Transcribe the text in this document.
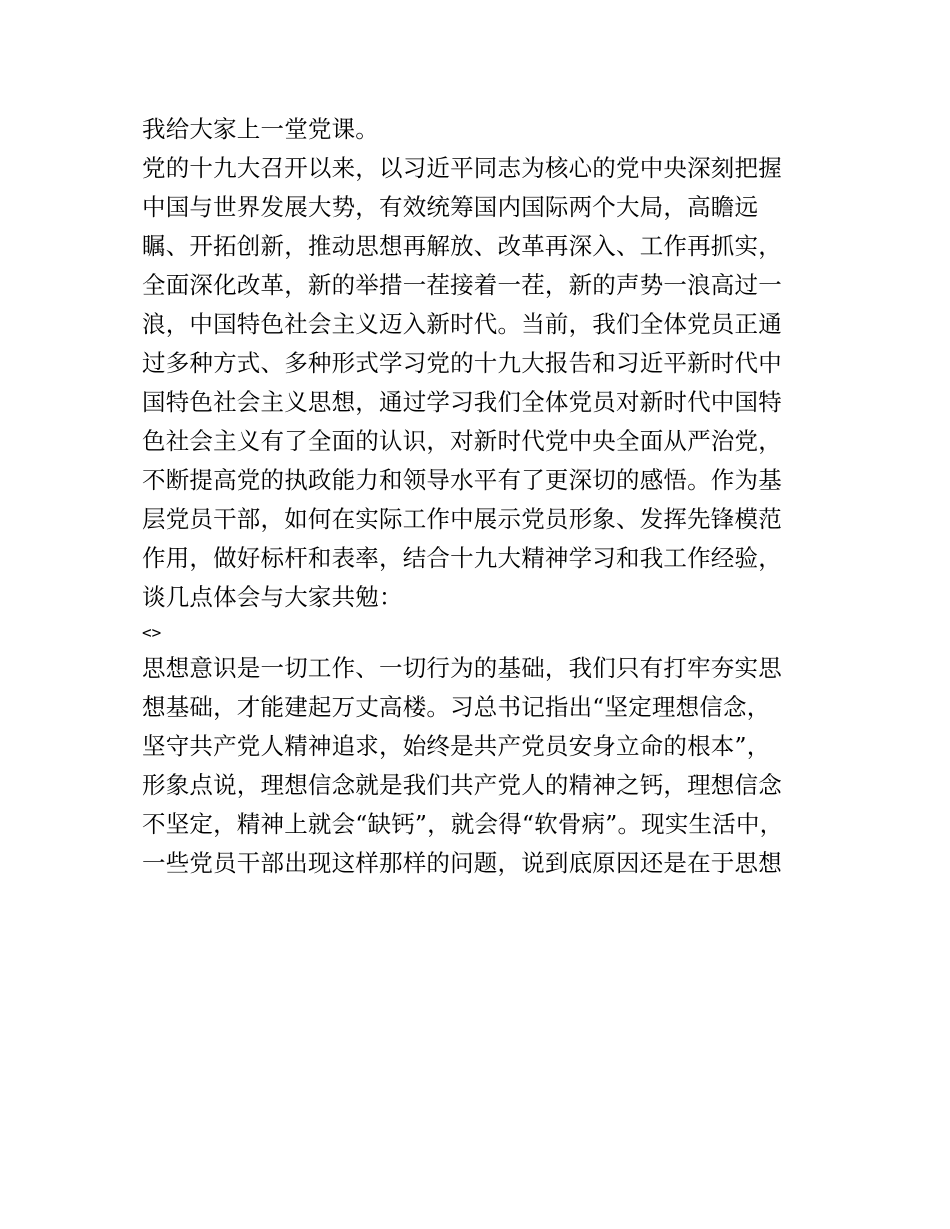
我给大家上一堂党课。
党的十九大召开以来，以习近平同志为核心的党中央深刻把握
中国与世界发展大势，有效统筹国内国际两个大局，高瞻远
瞩、开拓创新，推动思想再解放、改革再深入、工作再抓实，
全面深化改革，新的举措一茬接着一茬，新的声势一浪高过一
浪，中国特色社会主义迈入新时代。当前，我们全体党员正通
过多种方式、多种形式学习党的十九大报告和习近平新时代中
国特色社会主义思想，通过学习我们全体党员对新时代中国特
色社会主义有了全面的认识，对新时代党中央全面从严治党，
不断提高党的执政能力和领导水平有了更深切的感悟。作为基
层党员干部，如何在实际工作中展示党员形象、发挥先锋模范
作用，做好标杆和表率，结合十九大精神学习和我工作经验，
谈几点体会与大家共勉：
<>
思想意识是一切工作、一切行为的基础，我们只有打牢夯实思
想基础，才能建起万丈高楼。习总书记指出“坚定理想信念，
坚守共产党人精神追求，始终是共产党员安身立命的根本”，
形象点说，理想信念就是我们共产党人的精神之钙，理想信念
不坚定，精神上就会“缺钙”，就会得“软骨病”。现实生活中，
一些党员干部出现这样那样的问题，说到底原因还是在于思想
